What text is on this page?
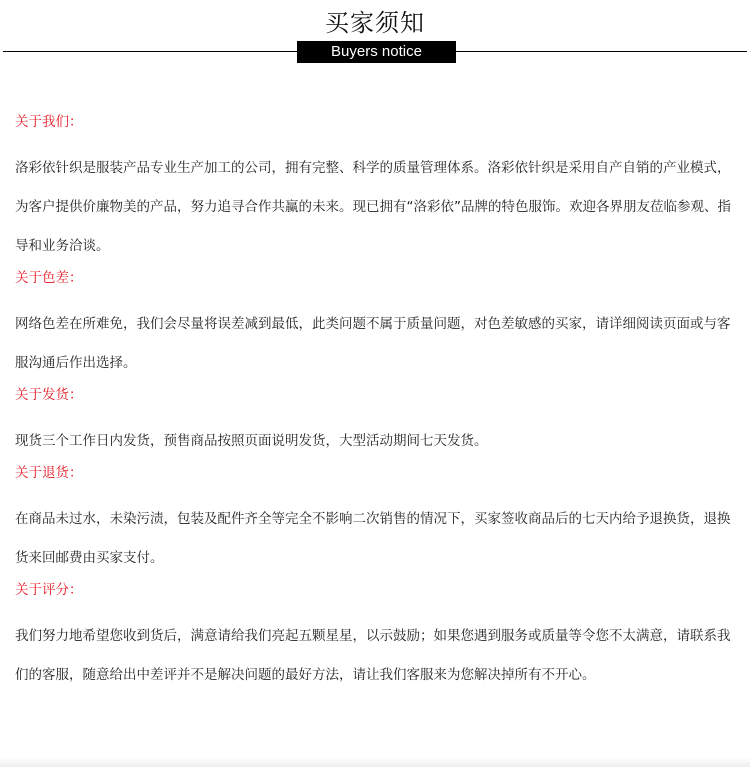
买家须知
Buyers notice
关于我们：
洛彩依针织是服装产品专业生产加工的公司，拥有完整、科学的质量管理体系。洛彩依针织是采用自产自销的产业模式，为客户提供价廉物美的产品，努力追寻合作共赢的未来。现已拥有“洛彩依”品牌的特色服饰。欢迎各界朋友莅临参观、指导和业务洽谈。
关于色差：
网络色差在所难免，我们会尽量将误差减到最低，此类问题不属于质量问题，对色差敏感的买家，请详细阅读页面或与客服沟通后作出选择。
关于发货：
现货三个工作日内发货，预售商品按照页面说明发货，大型活动期间七天发货。
关于退货：
在商品未过水，未染污渍，包装及配件齐全等完全不影响二次销售的情况下，买家签收商品后的七天内给予退换货，退换货来回邮费由买家支付。
关于评分：
我们努力地希望您收到货后，满意请给我们亮起五颗星星，以示鼓励；如果您遇到服务或质量等令您不太满意，请联系我们的客服，随意给出中差评并不是解决问题的最好方法，请让我们客服来为您解决掉所有不开心。
